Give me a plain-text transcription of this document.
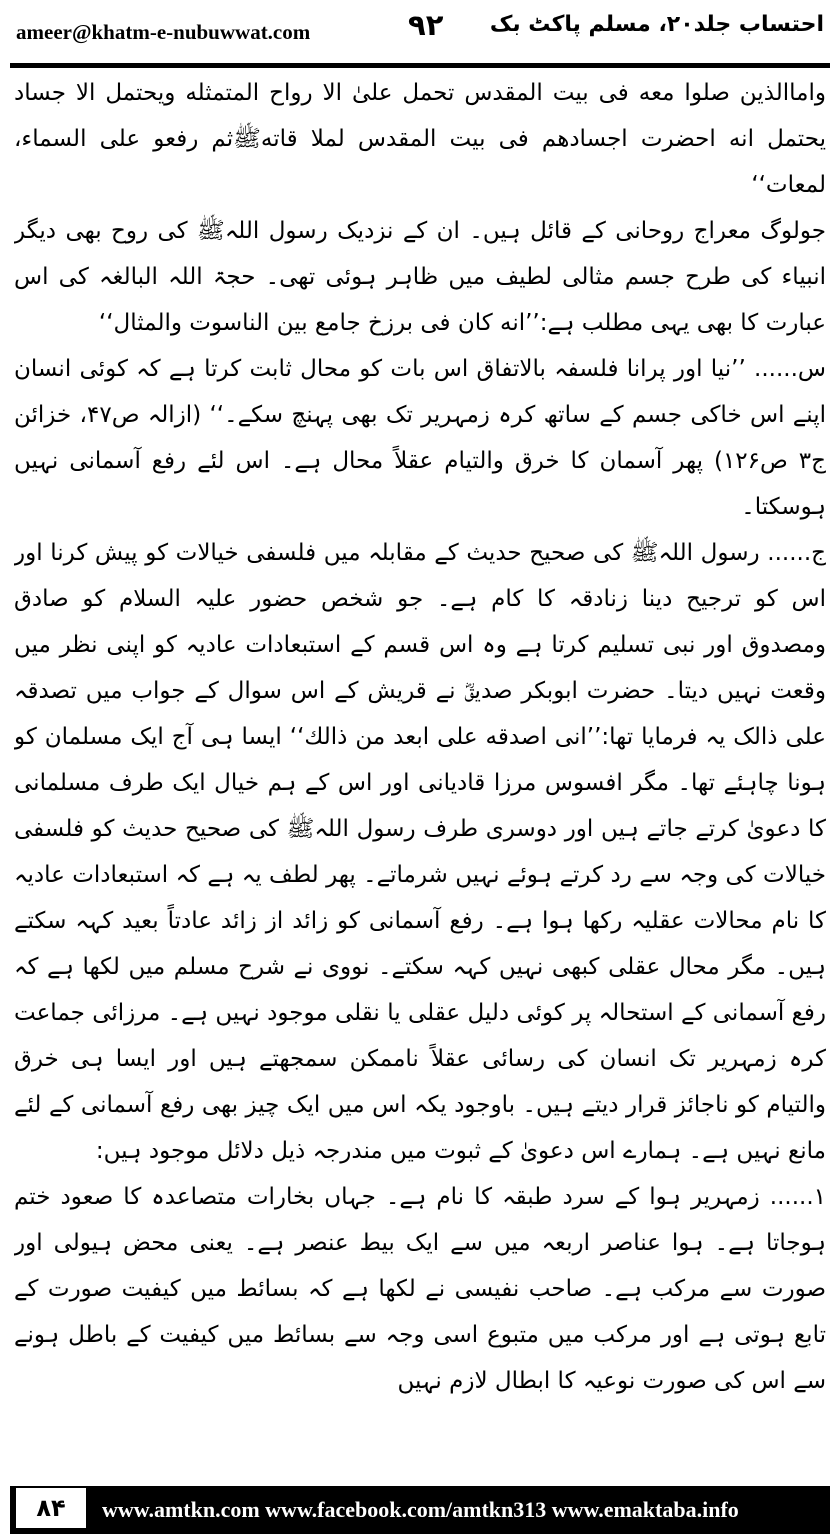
ameer@khatm-e-nubuwwat.com	۹۲ احتساب جلد۲۰، مسلم پاکٹ بک

واماالذین صلوا معه فی بیت المقدس تحمل علیٰ الا رواح المتمثله ویحتمل الا جساد یحتمل انه احضرت اجسادهم فی بیت المقدس لملا قاتهﷺثم رفعو علی السماء، لمعات‘‘

جولوگ معراج روحانی کے قائل ہیں۔ ان کے نزدیک رسول اللہﷺ کی روح بھی دیگر انبیاء کی طرح جسم مثالی لطیف میں ظاہر ہوئی تھی۔ حجۃ اللہ البالغہ کی اس عبارت کا بھی یہی مطلب ہے:’’انه کان فی برزخ جامع بین الناسوت والمثال‘‘

س...... ’’نیا اور پرانا فلسفہ بالاتفاق اس بات کو محال ثابت کرتا ہے کہ کوئی انسان اپنے اس خاکی جسم کے ساتھ کرہ زمہریر تک بھی پہنچ سکے۔‘‘ (ازالہ ص۴۷، خزائن ج۳ ص۱۲۶) پھر آسمان کا خرق والتیام عقلاً محال ہے۔ اس لئے رفع آسمانی نہیں ہوسکتا۔

ج...... رسول اللہﷺ کی صحیح حدیث کے مقابلہ میں فلسفی خیالات کو پیش کرنا اور اس کو ترجیح دینا زنادقہ کا کام ہے۔ جو شخص حضور علیہ السلام کو صادق ومصدوق اور نبی تسلیم کرتا ہے وہ اس قسم کے استبعادات عادیہ کو اپنی نظر میں وقعت نہیں دیتا۔ حضرت ابوبکر صدیقؓ نے قریش کے اس سوال کے جواب میں تصدقہ علی ذالک یہ فرمایا تھا:’’انی اصدقه علی ابعد من ذالك‘‘ ایسا ہی آج ایک مسلمان کو ہونا چاہئے تھا۔ مگر افسوس مرزا قادیانی اور اس کے ہم خیال ایک طرف مسلمانی کا دعویٰ کرتے جاتے ہیں اور دوسری طرف رسول اللہﷺ کی صحیح حدیث کو فلسفی خیالات کی وجہ سے رد کرتے ہوئے نہیں شرماتے۔ پھر لطف یہ ہے کہ استبعادات عادیہ کا نام محالات عقلیہ رکھا ہوا ہے۔ رفع آسمانی کو زائد از زائد عادتاً بعید کہہ سکتے ہیں۔ مگر محال عقلی کبھی نہیں کہہ سکتے۔ نووی نے شرح مسلم میں لکھا ہے کہ رفع آسمانی کے استحالہ پر کوئی دلیل عقلی یا نقلی موجود نہیں ہے۔ مرزائی جماعت کرہ زمہریر تک انسان کی رسائی عقلاً ناممکن سمجھتے ہیں اور ایسا ہی خرق والتیام کو ناجائز قرار دیتے ہیں۔ باوجود یکہ اس میں ایک چیز بھی رفع آسمانی کے لئے مانع نہیں ہے۔ ہمارے اس دعویٰ کے ثبوت میں مندرجہ ذیل دلائل موجود ہیں:

۱...... زمہریر ہوا کے سرد طبقہ کا نام ہے۔ جہاں بخارات متصاعدہ کا صعود ختم ہوجاتا ہے۔ ہوا عناصر اربعہ میں سے ایک بیط عنصر ہے۔ یعنی محض ہیولی اور صورت سے مرکب ہے۔ صاحب نفیسی نے لکھا ہے کہ بسائط میں کیفیت صورت کے تابع ہوتی ہے اور مرکب میں متبوع اسی وجہ سے بسائط میں کیفیت کے باطل ہونے سے اس کی صورت نوعیہ کا ابطال لازم نہیں

۸۴	www.amtkn.com www.facebook.com/amtkn313 www.emaktaba.info
